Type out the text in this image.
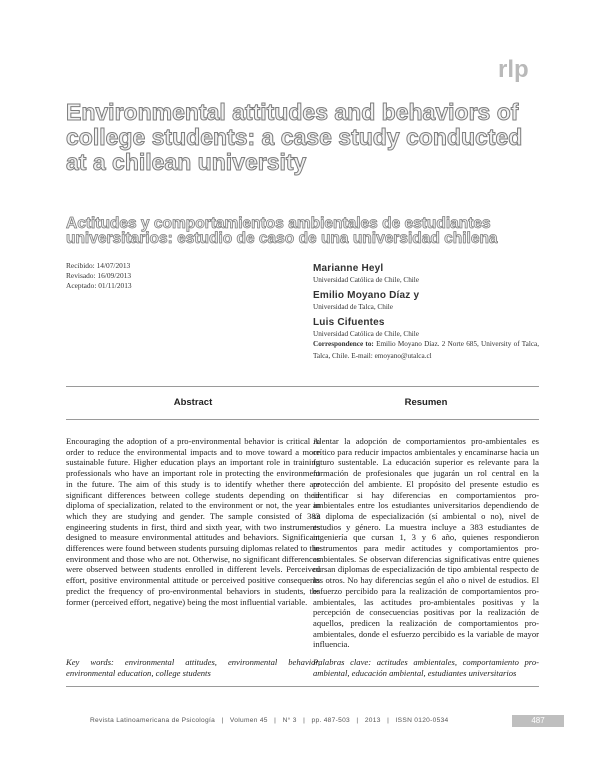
rlp
Environmental attitudes and behaviors of college students: a case study conducted at a chilean university
Actitudes y comportamientos ambientales de estudiantes universitarios: estudio de caso de una universidad chilena
Recibido: 14/07/2013
Revisado: 16/09/2013
Aceptado: 01/11/2013
Marianne Heyl
Universidad Católica de Chile, Chile
Emilio Moyano Díaz y
Universidad de Talca, Chile
Luis Cifuentes
Universidad Católica de Chile, Chile
Correspondence to: Emilio Moyano Díaz. 2 Norte 685, University of Talca, Talca, Chile. E-mail: emoyano@utalca.cl
Abstract
Encouraging the adoption of a pro-environmental behavior is critical in order to reduce the environmental impacts and to move toward a more sustainable future. Higher education plays an important role in training professionals who have an important role in protecting the environment in the future. The aim of this study is to identify whether there are significant differences between college students depending on their diploma of specialization, related to the environment or not, the year in which they are studying and gender. The sample consisted of 383 engineering students in first, third and sixth year, with two instruments designed to measure environmental attitudes and behaviors. Significant differences were found between students pursuing diplomas related to the environment and those who are not. Otherwise, no significant differences were observed between students enrolled in different levels. Perceived effort, positive environmental attitude or perceived positive consequents predict the frequency of pro-environmental behaviors in students, the former (perceived effort, negative) being the most influential variable.
Key words: environmental attitudes, environmental behavior, environmental education, college students
Resumen
Alentar la adopción de comportamientos pro-ambientales es crítico para reducir impactos ambientales y encaminarse hacia un futuro sustentable. La educación superior es relevante para la formación de profesionales que jugarán un rol central en la protección del ambiente. El propósito del presente estudio es identificar si hay diferencias en comportamientos pro-ambientales entre los estudiantes universitarios dependiendo de su diploma de especialización (sí ambiental o no), nivel de estudios y género. La muestra incluye a 383 estudiantes de ingeniería que cursan 1, 3 y 6 año, quienes respondieron instrumentos para medir actitudes y comportamientos pro-ambientales. Se observan diferencias significativas entre quienes cursan diplomas de especialización de tipo ambiental respecto de los otros. No hay diferencias según el año o nivel de estudios. El esfuerzo percibido para la realización de comportamientos pro-ambientales, las actitudes pro-ambientales positivas y la percepción de consecuencias positivas por la realización de aquellos, predicen la realización de comportamientos pro-ambientales, donde el esfuerzo percibido es la variable de mayor influencia.
Palabras clave: actitudes ambientales, comportamiento pro-ambiental, educación ambiental, estudiantes universitarios
Revista Latinoamericana de Psicología | Volumen 45 | N° 3 | pp. 487-503 | 2013 | ISSN 0120-0534	487
